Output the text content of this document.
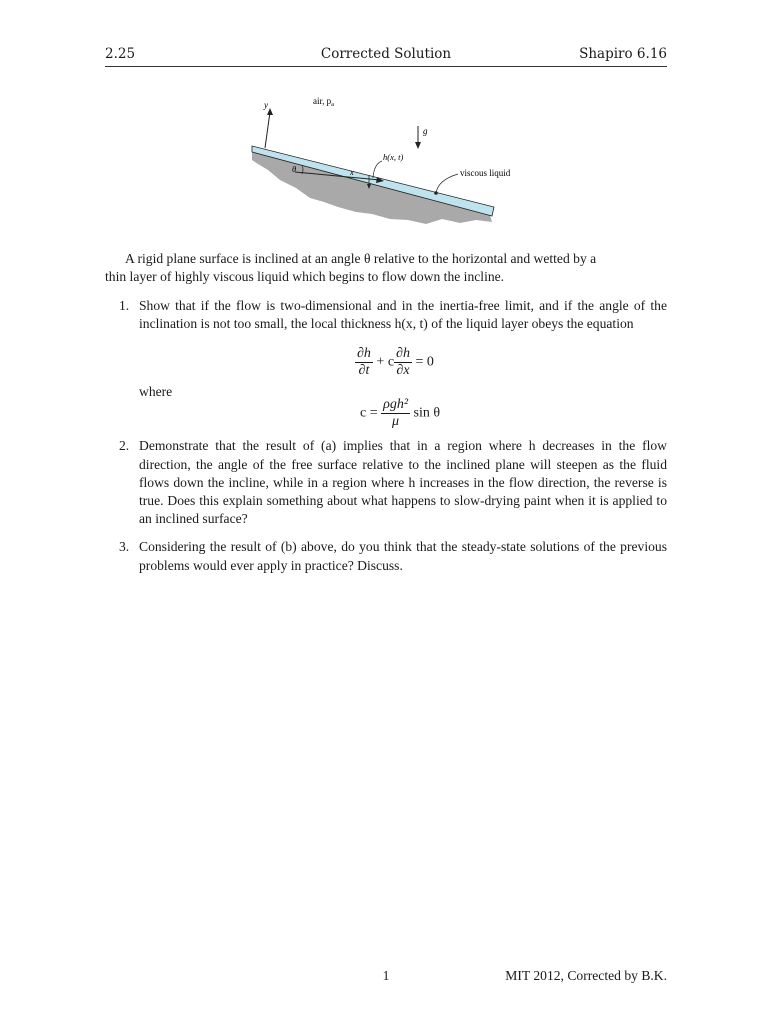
2.25	Corrected Solution	Shapiro 6.16
y	air, $p_a$
g
h(x, t)
x
θ	viscous liquid
A rigid plane surface is inclined at an angle θ relative to the horizontal and wetted by a
thin layer of highly viscous liquid which begins to flow down the incline.
1. Show that if the flow is two-dimensional and in the inertia-free limit, and if the angle of the inclination is not too small, the local thickness h(x, t) of the liquid layer obeys the equation
2. Demonstrate that the result of (a) implies that in a region where h decreases in the flow direction, the angle of the free surface relative to the inclined plane will steepen as the fluid flows down the incline, while in a region where h increases in the flow direction, the reverse is true. Does this explain something about what happens to slow-drying paint when it is applied to an inclined surface?
3. Considering the result of (b) above, do you think that the steady-state solutions of the previous problems would ever apply in practice? Discuss.
$\frac{\partial h}{\partial t} + c \frac{\partial h}{\partial x} = 0$
where
$c = \frac{\text{ρgh²}}{\mu}$ sin θ
1	MIT 2012, Corrected by B.K.
